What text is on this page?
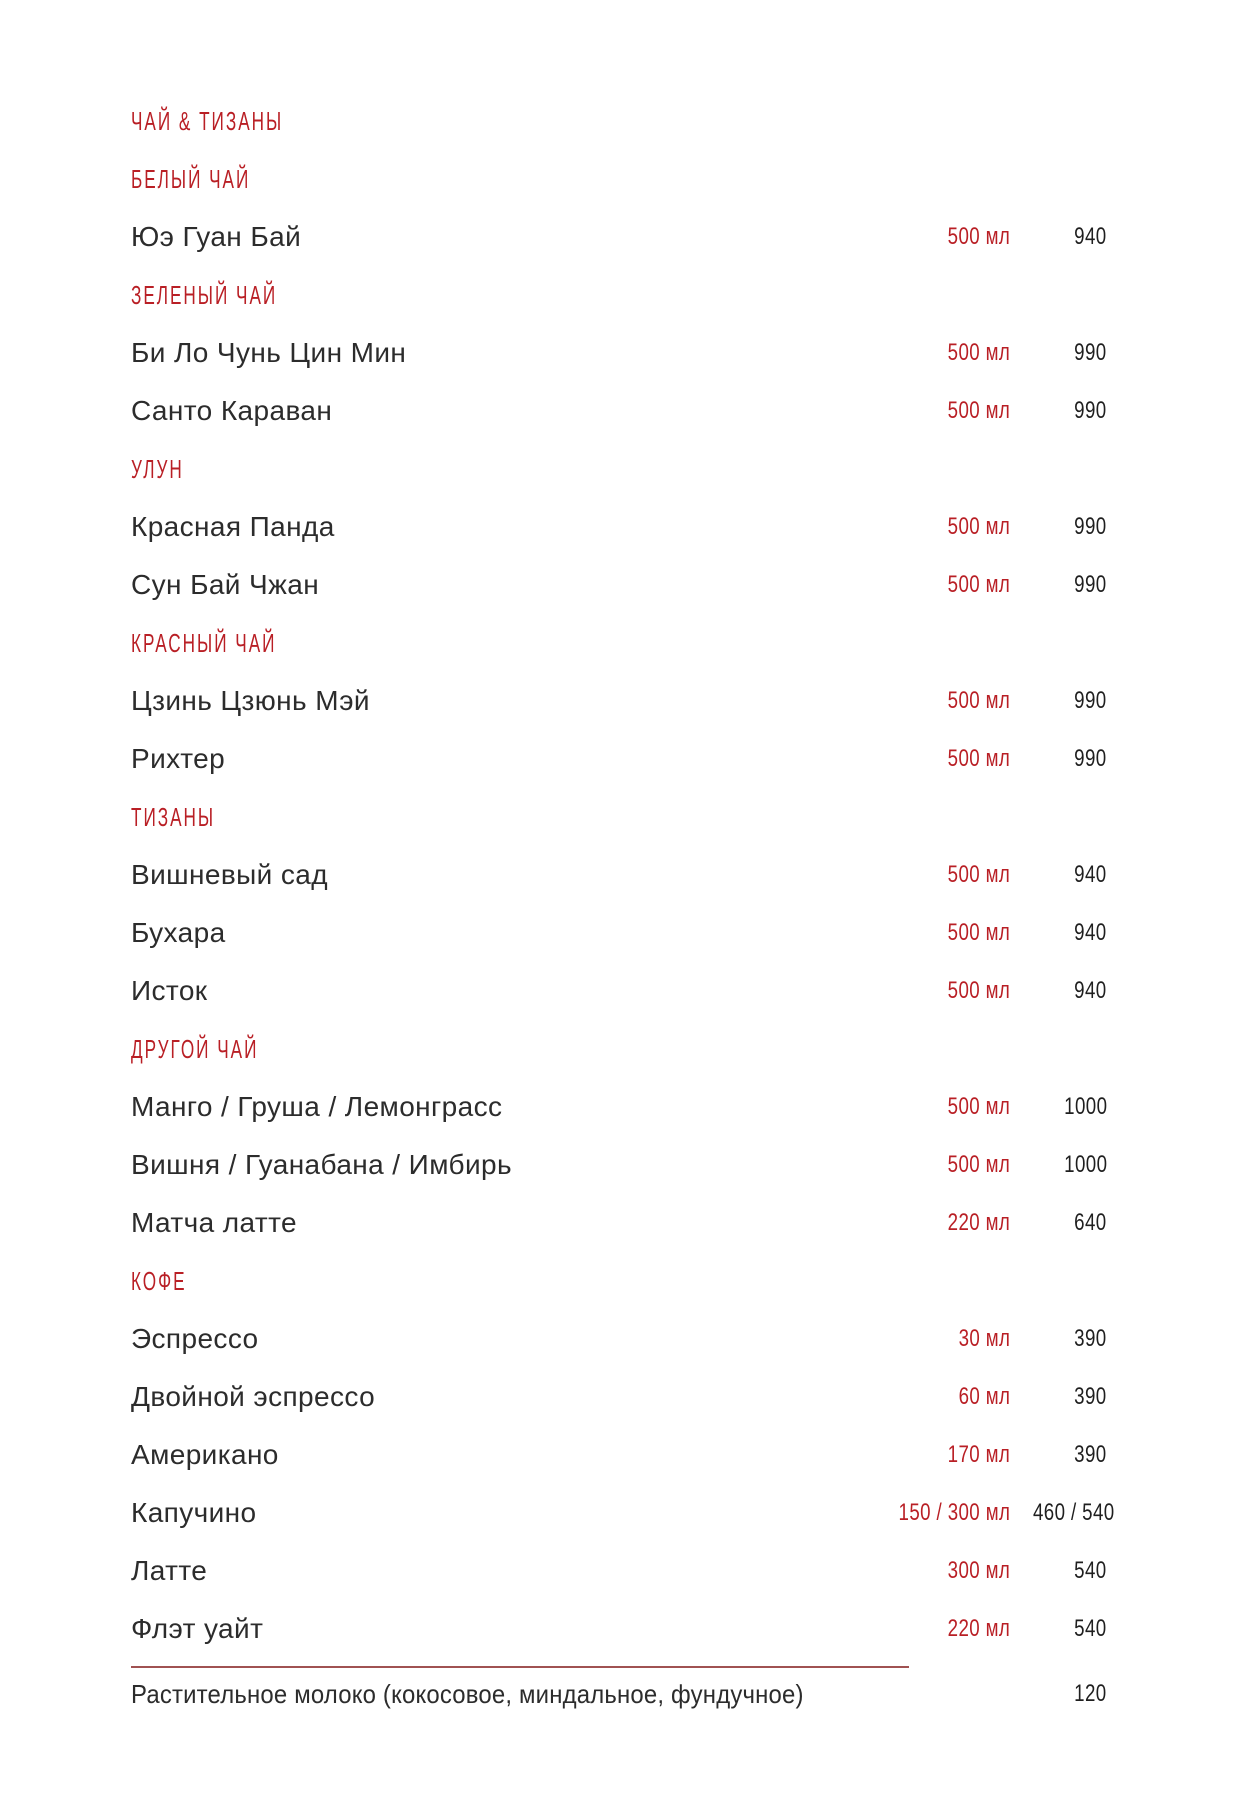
ЧАЙ & ТИЗАНЫ
БЕЛЫЙ ЧАЙ
Юэ Гуан Бай	500 мл	940
ЗЕЛЕНЫЙ ЧАЙ
Би Ло Чунь Цин Мин	500 мл	990
Санто Караван	500 мл	990
УЛУН
Красная Панда	500 мл	990
Сун Бай Чжан	500 мл	990
КРАСНЫЙ ЧАЙ
Цзинь Цзюнь Мэй	500 мл	990
Рихтер	500 мл	990
ТИЗАНЫ
Вишневый сад	500 мл	940
Бухара	500 мл	940
Исток	500 мл	940
ДРУГОЙ ЧАЙ
Манго / Груша / Лемонграсс	500 мл	1000
Вишня / Гуанабана / Имбирь	500 мл	1000
Матча латте	220 мл	640
КОФЕ
Эспрессо	30 мл	390
Двойной эспрессо	60 мл	390
Американо	170 мл	390
Капучино	150 / 300 мл 460 / 540
Латте	300 мл	540
Флэт уайт	220 мл	540
Растительное молоко (кокосовое, миндальное, фундучное)	120
